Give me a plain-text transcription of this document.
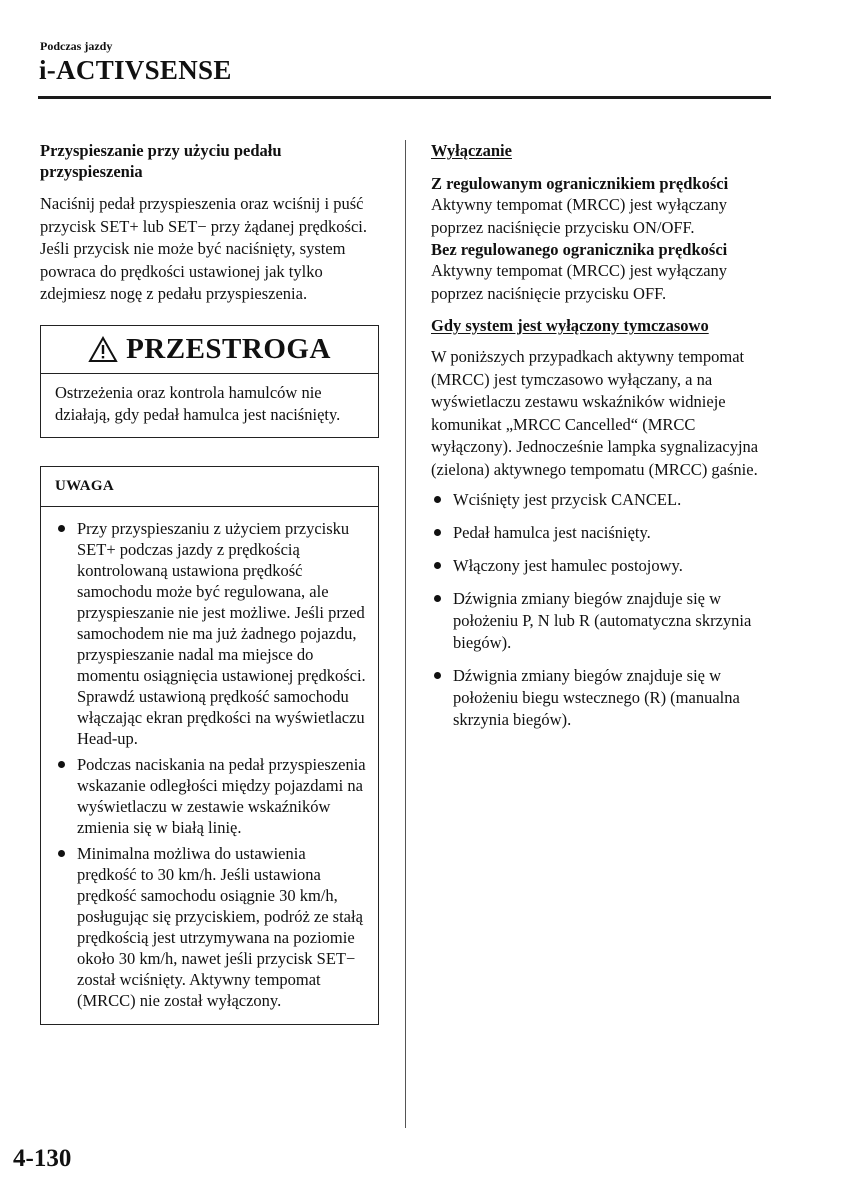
Podczas jazdy
i-ACTIVSENSE

Przyspieszanie przy użyciu pedału przyspieszenia

Naciśnij pedał przyspieszenia oraz wciśnij i puść przycisk SET+ lub SET− przy żądanej prędkości. Jeśli przycisk nie może być naciśnięty, system powraca do prędkości ustawionej jak tylko zdejmiesz nogę z pedału przyspieszenia.

PRZESTROGA
Ostrzeżenia oraz kontrola hamulców nie działają, gdy pedał hamulca jest naciśnięty.
UWAGA
Przy przyspieszaniu z użyciem przycisku SET+ podczas jazdy z prędkością kontrolowaną ustawiona prędkość samochodu może być regulowana, ale przyspieszanie nie jest możliwe. Jeśli przed samochodem nie ma już żadnego pojazdu, przyspieszanie nadal ma miejsce do momentu osiągnięcia ustawionej prędkości. Sprawdź ustawioną prędkość samochodu włączając ekran prędkości na wyświetlaczu Head-up.
Podczas naciskania na pedał przyspieszenia wskazanie odległości między pojazdami na wyświetlaczu w zestawie wskaźników zmienia się w białą linię.
Minimalna możliwa do ustawienia prędkość to 30 km/h. Jeśli ustawiona prędkość samochodu osiągnie 30 km/h, posługując się przyciskiem, podróż ze stałą prędkością jest utrzymywana na poziomie około 30 km/h, nawet jeśli przycisk SET− został wciśnięty. Aktywny tempomat (MRCC) nie został wyłączony.

Wyłączanie

Z regulowanym ogranicznikiem prędkości

Aktywny tempomat (MRCC) jest wyłączany poprzez naciśnięcie przycisku ON/OFF.

Bez regulowanego ogranicznika prędkości

Aktywny tempomat (MRCC) jest wyłączany poprzez naciśnięcie przycisku OFF.

Gdy system jest wyłączony tymczasowo

W poniższych przypadkach aktywny tempomat (MRCC) jest tymczasowo wyłączany, a na wyświetlaczu zestawu wskaźników widnieje komunikat „MRCC Cancelled“ (MRCC wyłączony). Jednocześnie lampka sygnalizacyjna (zielona) aktywnego tempomatu (MRCC) gaśnie.

Wciśnięty jest przycisk CANCEL.
Pedał hamulca jest naciśnięty.
Włączony jest hamulec postojowy.
Dźwignia zmiany biegów znajduje się w położeniu P, N lub R (automatyczna skrzynia biegów).
Dźwignia zmiany biegów znajduje się w położeniu biegu wstecznego (R) (manualna skrzynia biegów).
4-130
